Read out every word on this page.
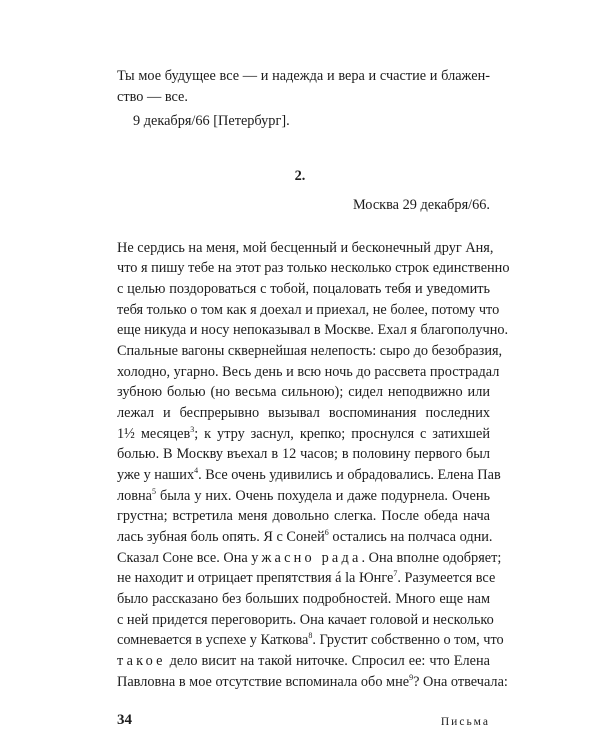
Ты мое будущее все — и надежда и вера и счастие и блажен-
ство — все.
9 декабря/66 [Петербург].
2.
Москва 29 декабря/66.
Не сердись на меня, мой бесценный и бесконечный друг Аня,
что я пишу тебе на этот раз только несколько строк единственно
с целью поздороваться с тобой, поцаловать тебя и уведомить
тебя только о том как я доехал и приехал, не более, потому что
еще никуда и носу непоказывал в Москве. Ехал я благополучно.
Спальные вагоны сквернейшая нелепость: сыро до безобразия,
холодно, угарно. Весь день и всю ночь до рассвета прострадал
зубною болью (но весьма сильною); сидел неподвижно или
лежал и беспрерывно вызывал воспоминания последних
1½ месяцев$^3$; к утру заснул, крепко; проснулся с затихшей
болью. В Москву въехал в 12 часов; в половину первого был
уже у наших$^4$. Все очень удивились и обрадовались. Елена Пав
ловна$^5$ была у них. Очень похудела и даже подурнела. Очень
грустна; встретила меня довольно слегка. После обеда нача
лась зубная боль опять. Я с Соней$^6$ остались на полчаса одни.
Сказал Соне все. Она ужасно рада. Она вполне одобряет;
не находит и отрицает препятствия á la Юнге$^7$. Разумеется все
было рассказано без больших подробностей. Много еще нам
с ней придется переговорить. Она качает головой и несколько
сомневается в успехе у Каткова$^8$. Грустит собственно о том, что
такое дело висит на такой ниточке. Спросил ее: что Елена
Павловна в мое отсутствие вспоминала обо мне$^9$? Она отвечала:
34	Письма
